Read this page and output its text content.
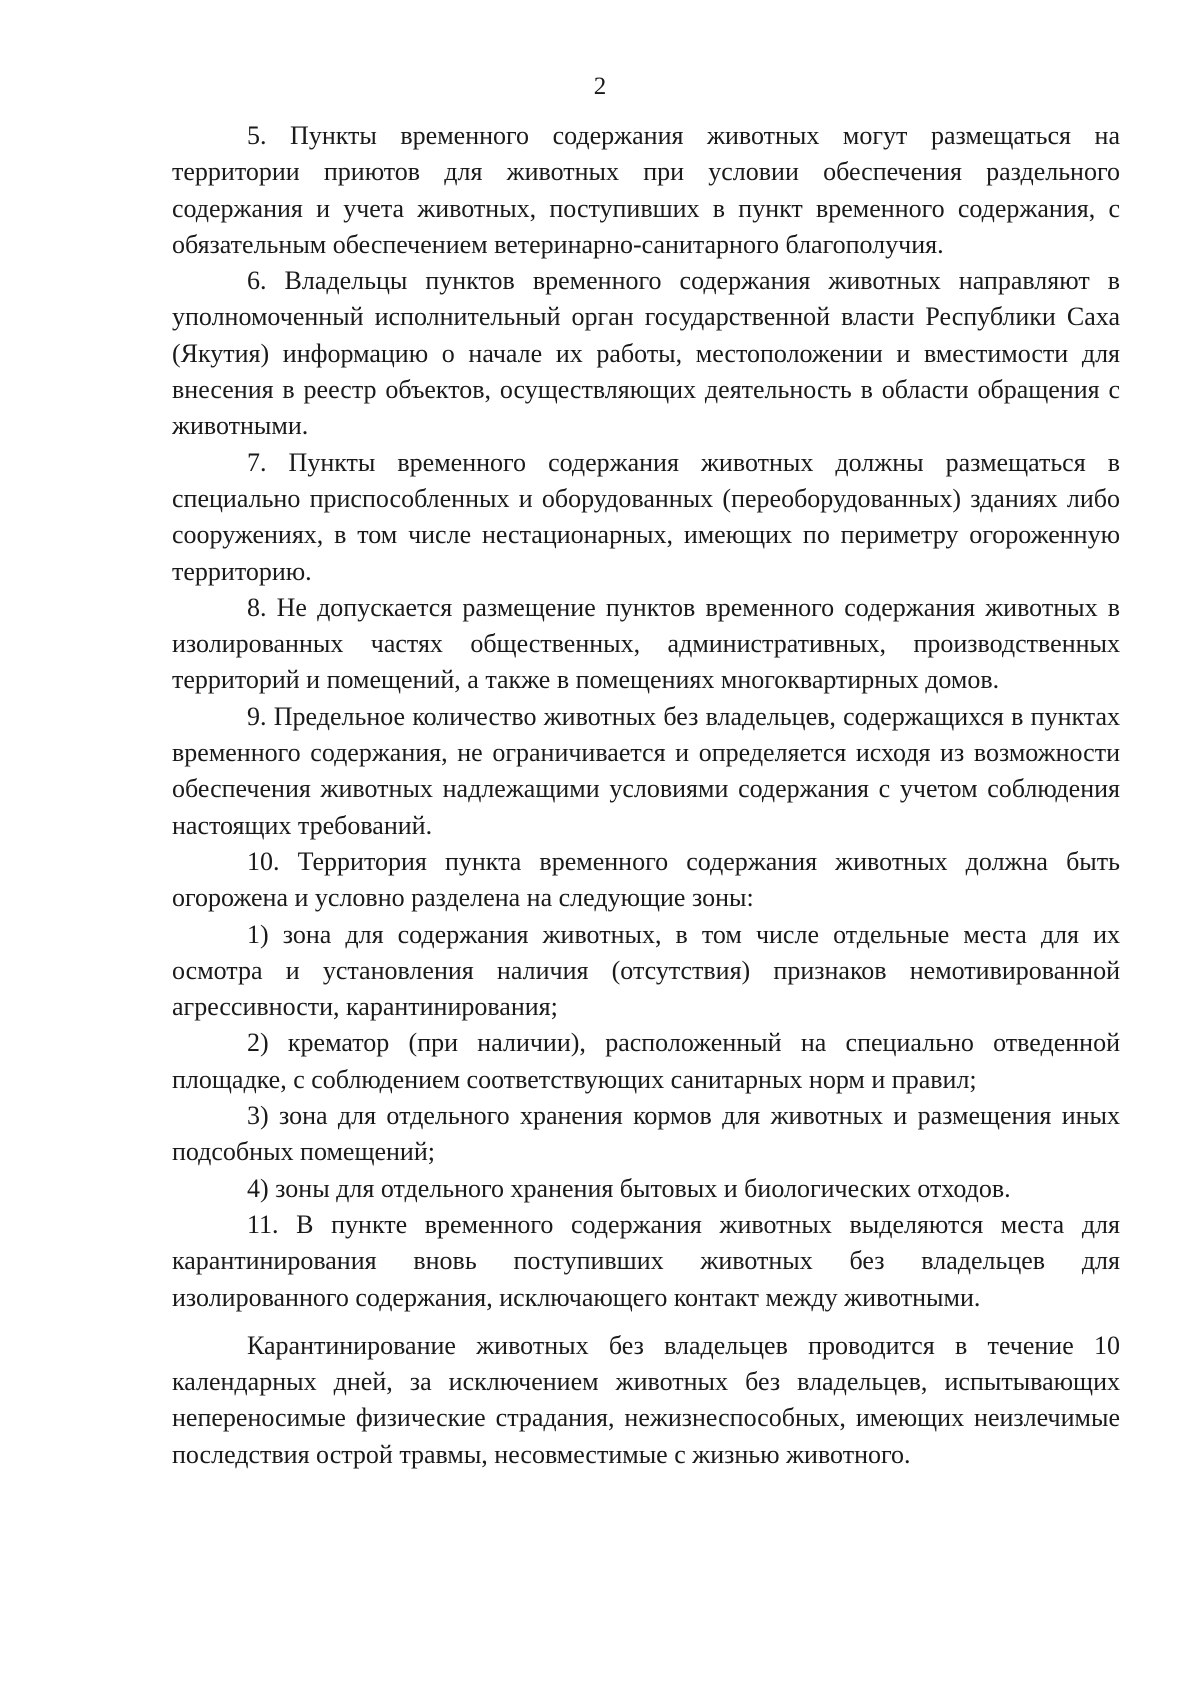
2

5. Пункты временного содержания животных могут размещаться на территории приютов для животных при условии обеспечения раздельного содержания и учета животных, поступивших в пункт временного содержания, с обязательным обеспечением ветеринарно-санитарного благополучия.

6. Владельцы пунктов временного содержания животных направляют в уполномоченный исполнительный орган государственной власти Республики Саха (Якутия) информацию о начале их работы, местоположении и вместимости для внесения в реестр объектов, осуществляющих деятельность в области обращения с животными.

7. Пункты временного содержания животных должны размещаться в специально приспособленных и оборудованных (переоборудованных) зданиях либо сооружениях, в том числе нестационарных, имеющих по периметру огороженную территорию.

8. Не допускается размещение пунктов временного содержания животных в изолированных частях общественных, административных, производственных территорий и помещений, а также в помещениях многоквартирных домов.

9. Предельное количество животных без владельцев, содержащихся в пунктах временного содержания, не ограничивается и определяется исходя из возможности обеспечения животных надлежащими условиями содержания с учетом соблюдения настоящих требований.

10. Территория пункта временного содержания животных должна быть огорожена и условно разделена на следующие зоны:

1) зона для содержания животных, в том числе отдельные места для их осмотра и установления наличия (отсутствия) признаков немотивированной агрессивности, карантинирования;

2) крематор (при наличии), расположенный на специально отведенной площадке, с соблюдением соответствующих санитарных норм и правил;

3) зона для отдельного хранения кормов для животных и размещения иных подсобных помещений;

4) зоны для отдельного хранения бытовых и биологических отходов.

11. В пункте временного содержания животных выделяются места для карантинирования вновь поступивших животных без владельцев для изолированного содержания, исключающего контакт между животными.

Карантинирование животных без владельцев проводится в течение 10 календарных дней, за исключением животных без владельцев, испытывающих непереносимые физические страдания, нежизнеспособных, имеющих неизлечимые последствия острой травмы, несовместимые с жизнью животного.
